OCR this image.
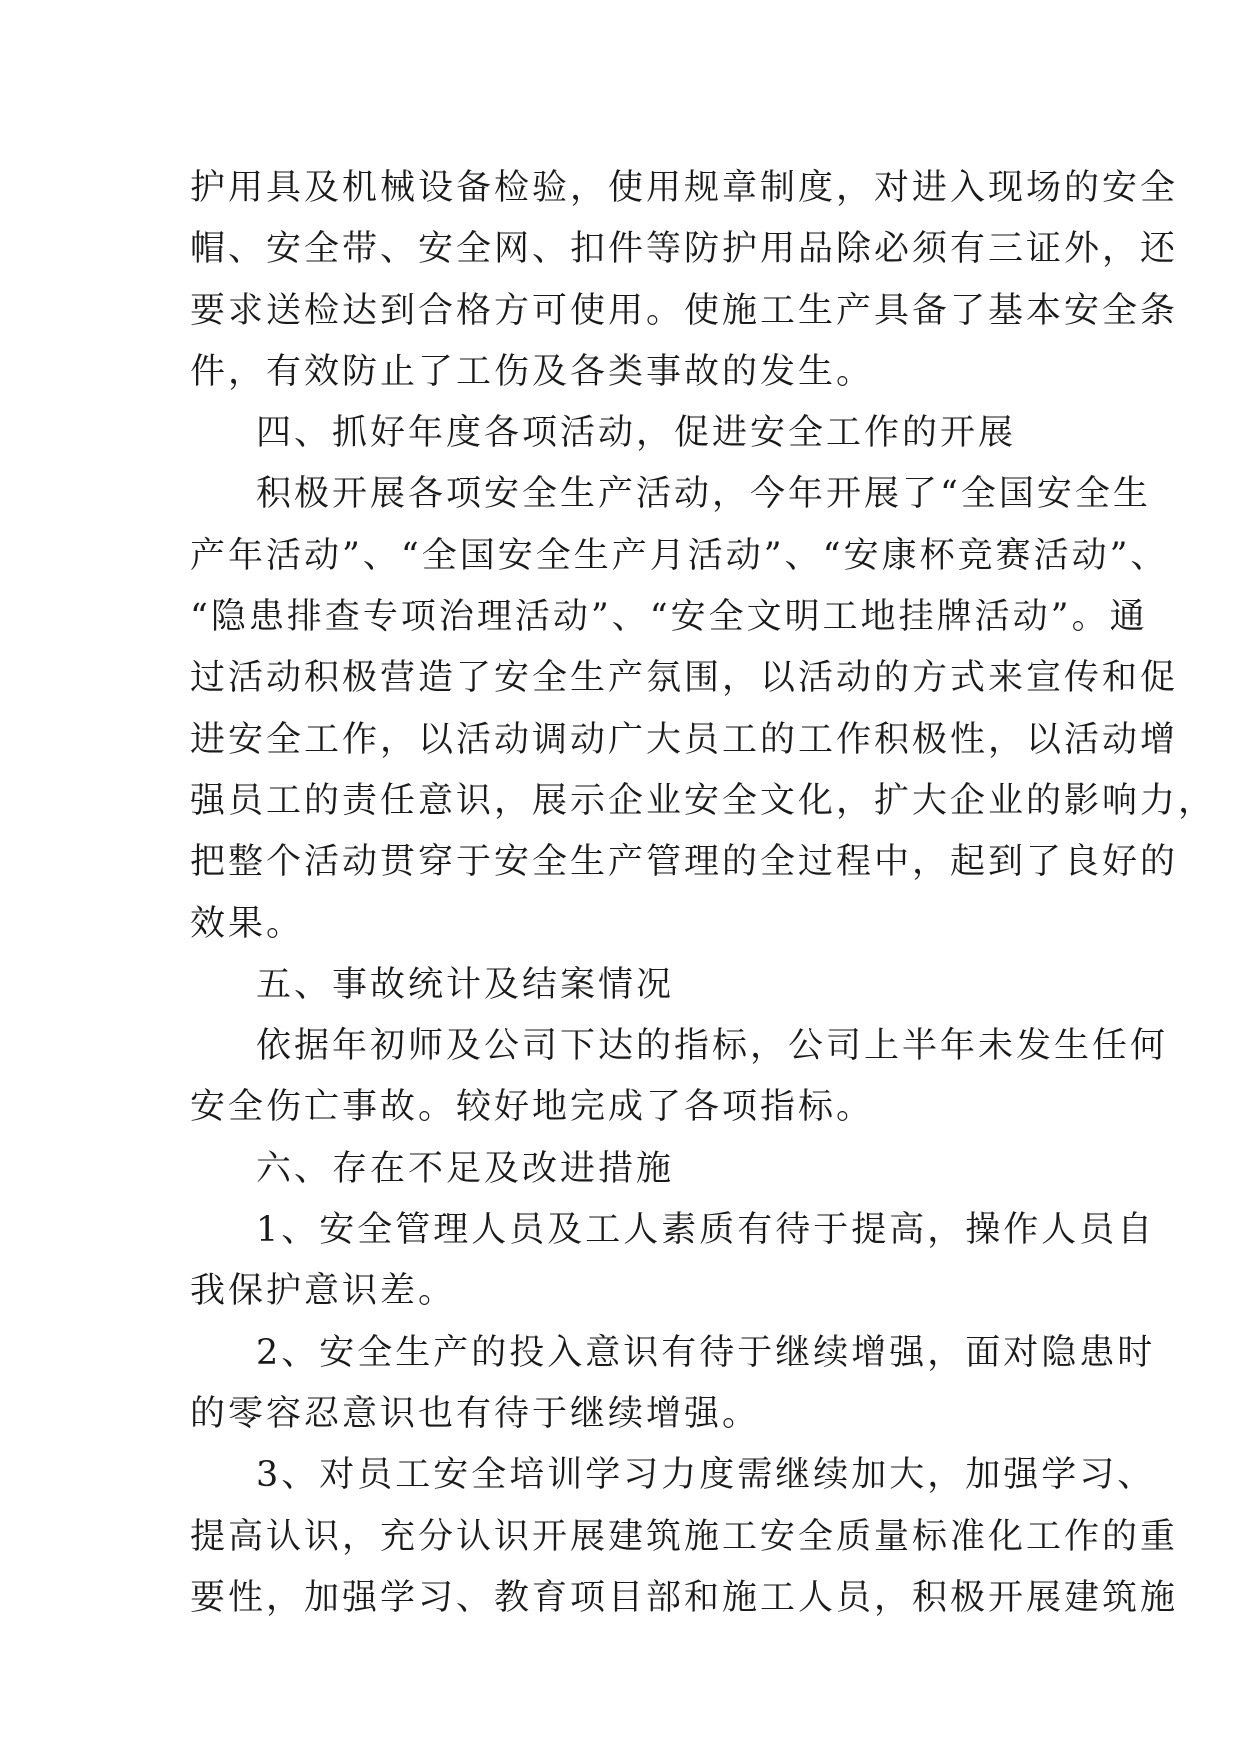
护用具及机械设备检验，使用规章制度，对进入现场的安全
帽、安全带、安全网、扣件等防护用品除必须有三证外，还
要求送检达到合格方可使用。使施工生产具备了基本安全条
件，有效防止了工伤及各类事故的发生。
四、抓好年度各项活动，促进安全工作的开展
积极开展各项安全生产活动，今年开展了“全国安全生
产年活动”、“全国安全生产月活动”、“安康杯竞赛活动”、
“隐患排查专项治理活动”、“安全文明工地挂牌活动”。通
过活动积极营造了安全生产氛围，以活动的方式来宣传和促
进安全工作，以活动调动广大员工的工作积极性，以活动增
强员工的责任意识，展示企业安全文化，扩大企业的影响力，
把整个活动贯穿于安全生产管理的全过程中，起到了良好的
效果。
五、事故统计及结案情况
依据年初师及公司下达的指标，公司上半年未发生任何
安全伤亡事故。较好地完成了各项指标。
六、存在不足及改进措施
1、安全管理人员及工人素质有待于提高，操作人员自
我保护意识差。
2、安全生产的投入意识有待于继续增强，面对隐患时
的零容忍意识也有待于继续增强。
3、对员工安全培训学习力度需继续加大，加强学习、
提高认识，充分认识开展建筑施工安全质量标准化工作的重
要性，加强学习、教育项目部和施工人员，积极开展建筑施
